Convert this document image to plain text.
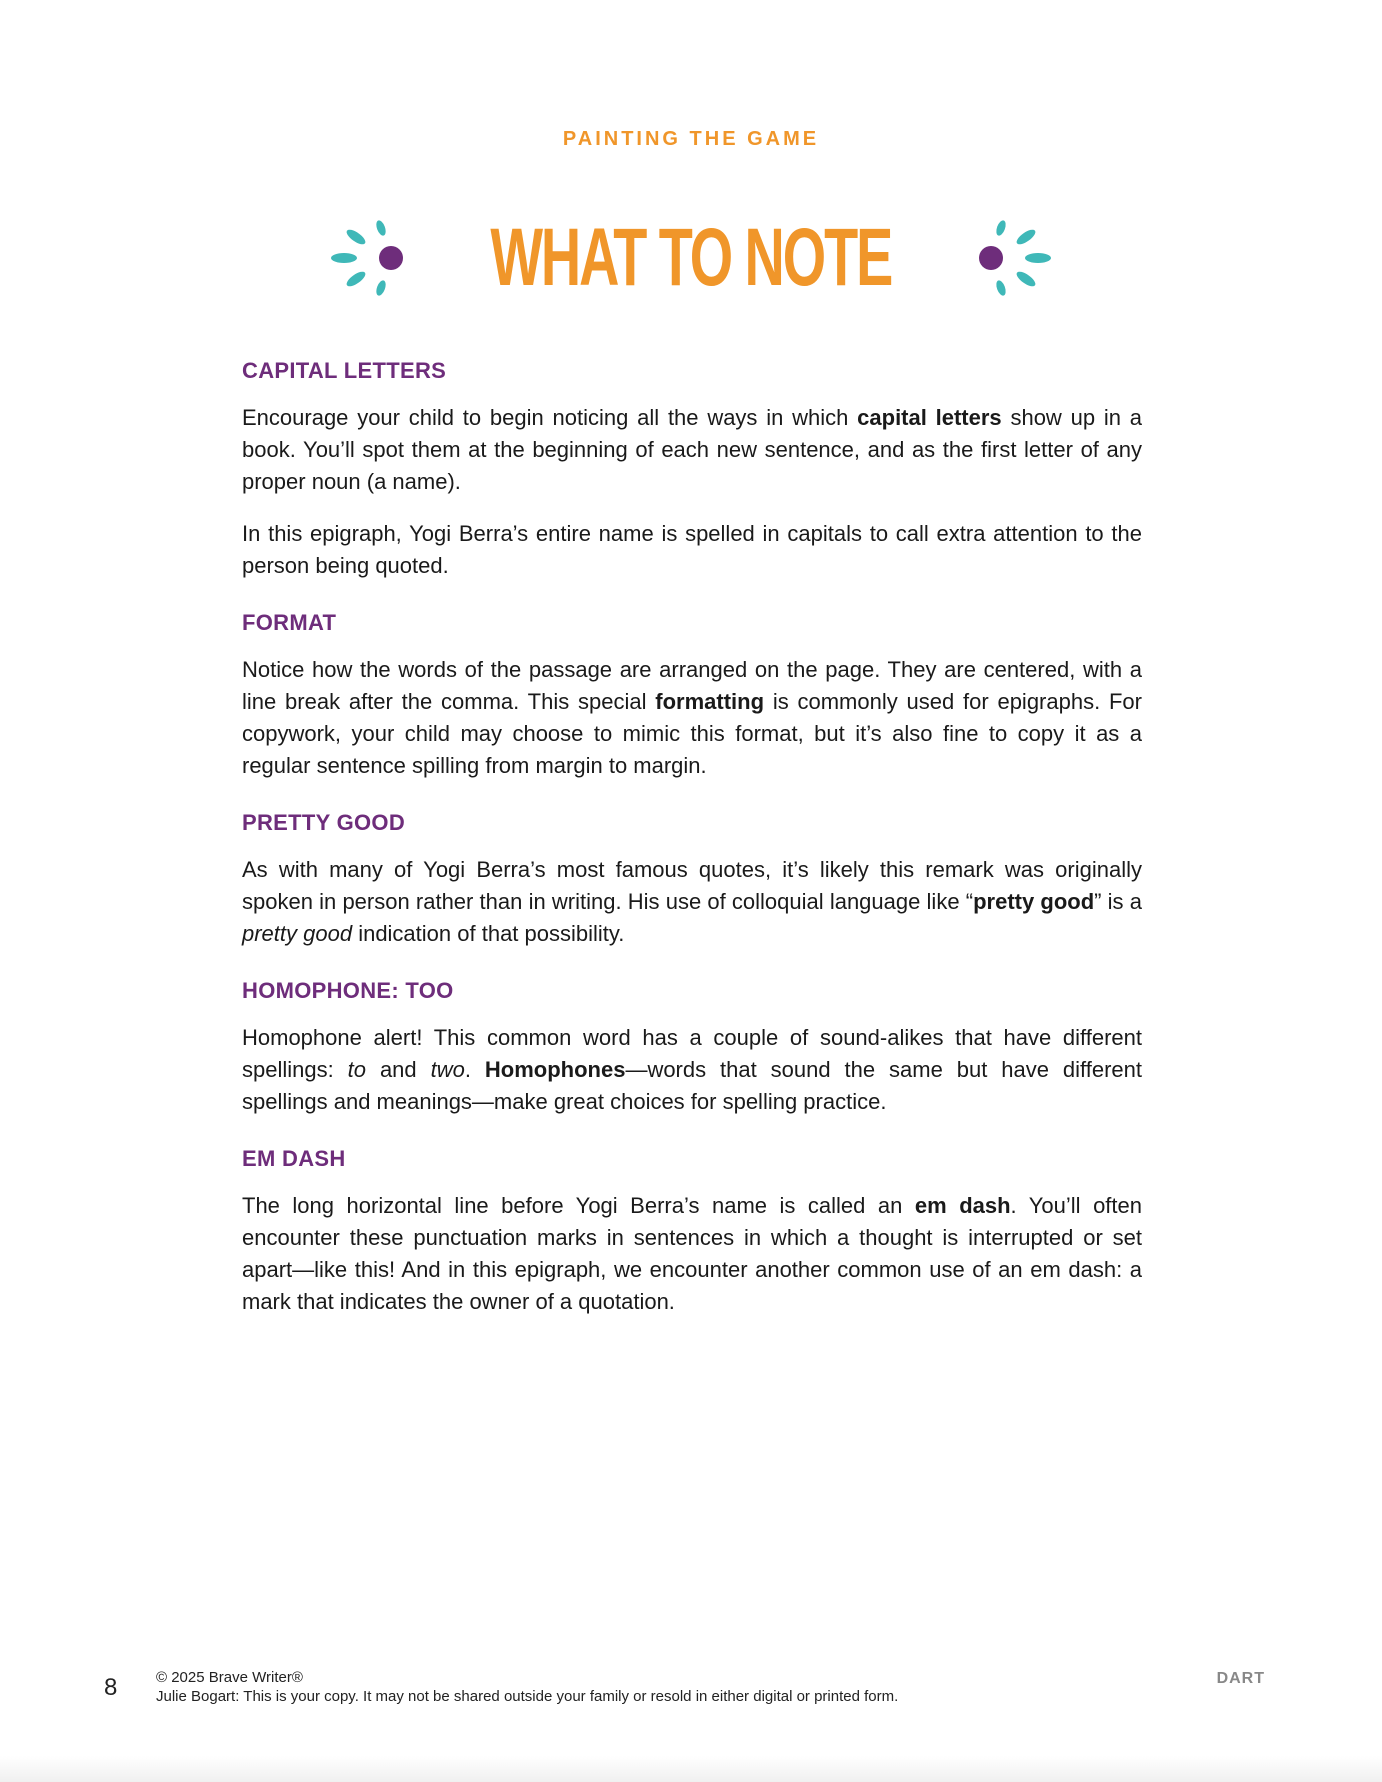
PAINTING THE GAME
WHAT TO NOTE
CAPITAL LETTERS

Encourage your child to begin noticing all the ways in which capital letters show up in a book. You’ll spot them at the beginning of each new sentence, and as the first letter of any proper noun (a name).

In this epigraph, Yogi Berra’s entire name is spelled in capitals to call extra attention to the person being quoted.

FORMAT

Notice how the words of the passage are arranged on the page. They are centered, with a line break after the comma. This special formatting is commonly used for epigraphs. For copywork, your child may choose to mimic this format, but it’s also fine to copy it as a regular sentence spilling from margin to margin.

PRETTY GOOD

As with many of Yogi Berra’s most famous quotes, it’s likely this remark was originally spoken in person rather than in writing. His use of colloquial language like “pretty good” is a pretty good indication of that possibility.

HOMOPHONE: TOO

Homophone alert! This common word has a couple of sound-alikes that have different spellings: to and two. Homophones—words that sound the same but have different spellings and meanings—make great choices for spelling practice.

EM DASH

The long horizontal line before Yogi Berra’s name is called an em dash. You’ll often encounter these punctuation marks in sentences in which a thought is interrupted or set apart—like this! And in this epigraph, we encounter another common use of an em dash: a mark that indicates the owner of a quotation.

8	© 2025 Brave Writer®
Julie Bogart: This is your copy. It may not be shared outside your family or resold in either digital or printed form.
DART
